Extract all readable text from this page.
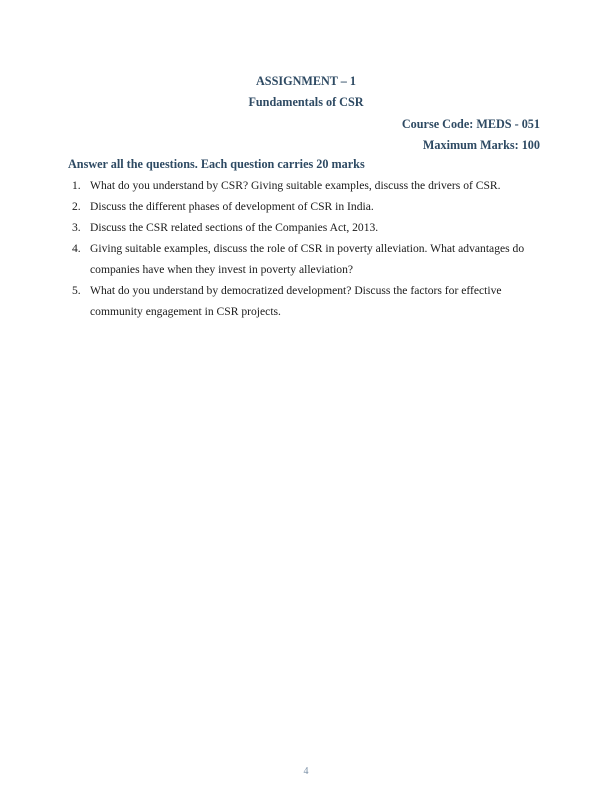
ASSIGNMENT – 1
Fundamentals of CSR
Course Code: MEDS - 051
Maximum Marks: 100
Answer all the questions. Each question carries 20 marks
1. What do you understand by CSR? Giving suitable examples, discuss the drivers of CSR.
2. Discuss the different phases of development of CSR in India.
3. Discuss the CSR related sections of the Companies Act, 2013.
4. Giving suitable examples, discuss the role of CSR in poverty alleviation. What advantages do companies have when they invest in poverty alleviation?
5. What do you understand by democratized development? Discuss the factors for effective community engagement in CSR projects.
4
